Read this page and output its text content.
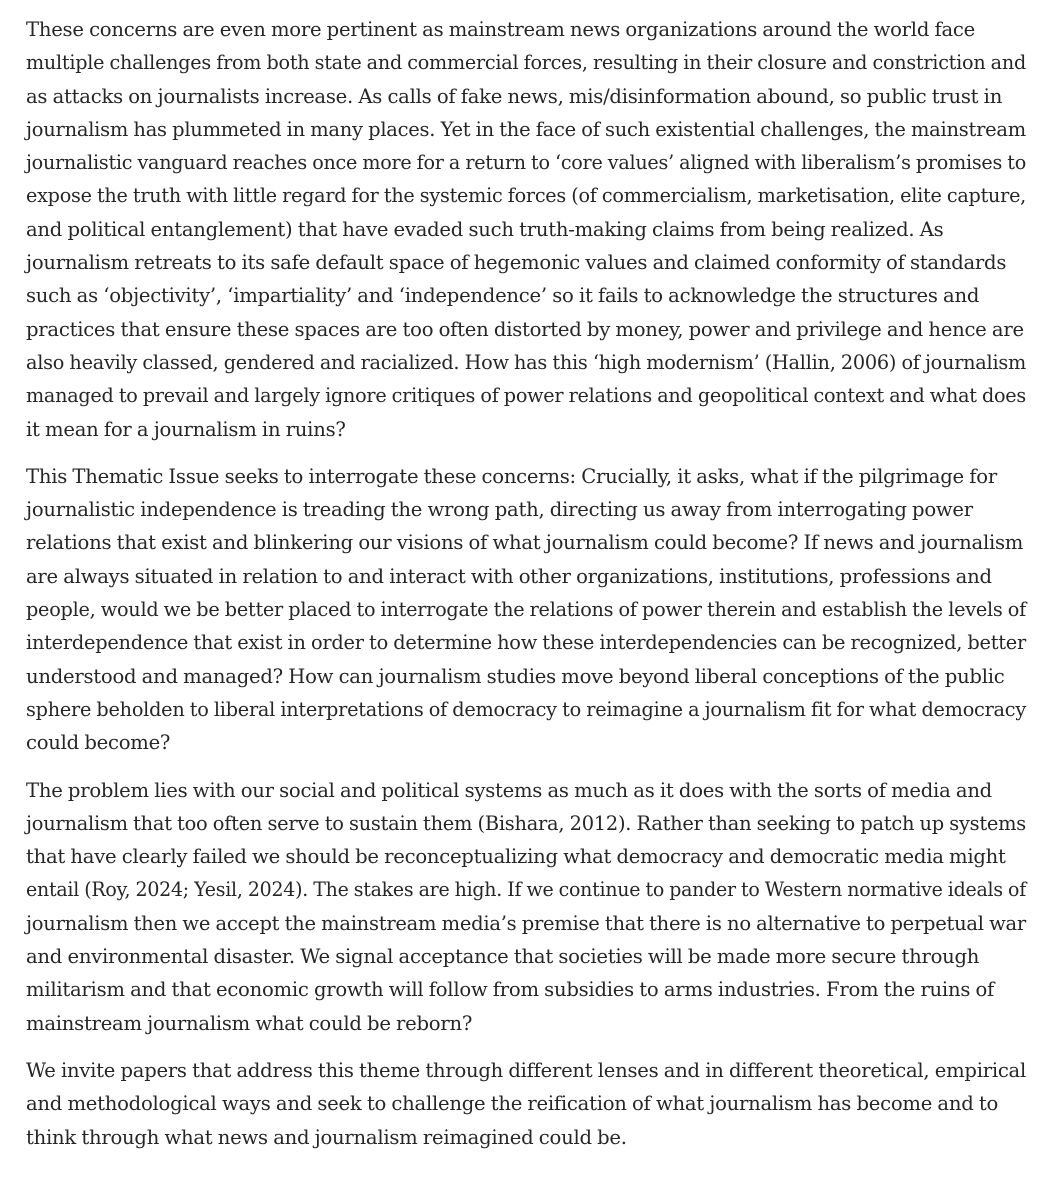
These concerns are even more pertinent as mainstream news organizations around the world face
multiple challenges from both state and commercial forces, resulting in their closure and constriction and
as attacks on journalists increase. As calls of fake news, mis/disinformation abound, so public trust in
journalism has plummeted in many places. Yet in the face of such existential challenges, the mainstream
journalistic vanguard reaches once more for a return to ‘core values’ aligned with liberalism’s promises to
expose the truth with little regard for the systemic forces (of commercialism, marketisation, elite capture,
and political entanglement) that have evaded such truth-making claims from being realized. As
journalism retreats to its safe default space of hegemonic values and claimed conformity of standards
such as ‘objectivity’, ‘impartiality’ and ‘independence’ so it fails to acknowledge the structures and
practices that ensure these spaces are too often distorted by money, power and privilege and hence are
also heavily classed, gendered and racialized. How has this ‘high modernism’ (Hallin, 2006) of journalism
managed to prevail and largely ignore critiques of power relations and geopolitical context and what does
it mean for a journalism in ruins?

This Thematic Issue seeks to interrogate these concerns: Crucially, it asks, what if the pilgrimage for
journalistic independence is treading the wrong path, directing us away from interrogating power
relations that exist and blinkering our visions of what journalism could become? If news and journalism
are always situated in relation to and interact with other organizations, institutions, professions and
people, would we be better placed to interrogate the relations of power therein and establish the levels of
interdependence that exist in order to determine how these interdependencies can be recognized, better
understood and managed? How can journalism studies move beyond liberal conceptions of the public
sphere beholden to liberal interpretations of democracy to reimagine a journalism fit for what democracy
could become?

The problem lies with our social and political systems as much as it does with the sorts of media and
journalism that too often serve to sustain them (Bishara, 2012). Rather than seeking to patch up systems
that have clearly failed we should be reconceptualizing what democracy and democratic media might
entail (Roy, 2024; Yesil, 2024). The stakes are high. If we continue to pander to Western normative ideals of
journalism then we accept the mainstream media’s premise that there is no alternative to perpetual war
and environmental disaster. We signal acceptance that societies will be made more secure through
militarism and that economic growth will follow from subsidies to arms industries. From the ruins of
mainstream journalism what could be reborn?

We invite papers that address this theme through different lenses and in different theoretical, empirical
and methodological ways and seek to challenge the reification of what journalism has become and to
think through what news and journalism reimagined could be.
